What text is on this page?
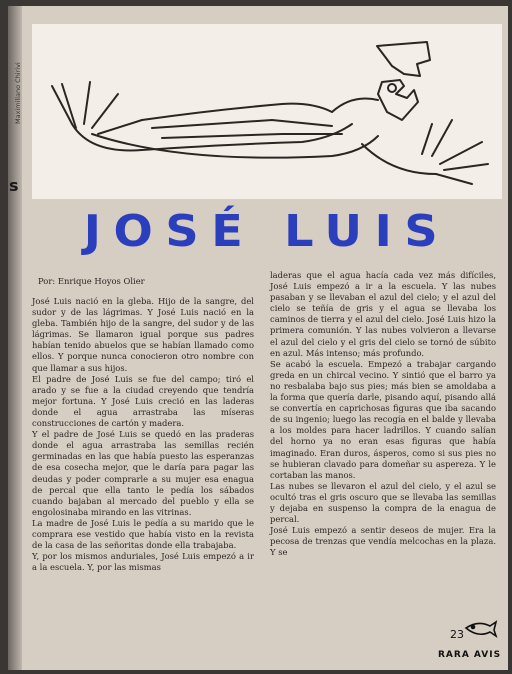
s
Maximiliano Chirivi
JOSÉ LUIS
Por: Enrique Hoyos Olier

José Luis nació en la gleba. Hijo de la sangre, del sudor y de las lágrimas. Y José Luis nació en la gleba. También hijo de la sangre, del sudor y de las lágrimas. Se llamaron igual porque sus padres habían tenido abuelos que se habían llamado como ellos. Y porque nunca conocieron otro nombre con que llamar a sus hijos.

El padre de José Luis se fue del campo; tiró el arado y se fue a la ciudad creyendo que tendría mejor fortuna. Y José Luis creció en las laderas donde el agua arrastraba las míseras construcciones de cartón y madera.

Y el padre de José Luis se quedó en las praderas donde el agua arrastraba las semillas recién germinadas en las que había puesto las esperanzas de esa cosecha mejor, que le daría para pagar las deudas y poder comprarle a su mujer esa enagua de percal que ella tanto le pedía los sábados cuando bajaban al mercado del pueblo y ella se engolosinaba mirando en las vitrinas.

La madre de José Luis le pedía a su marido que le comprara ese vestido que había visto en la revista de la casa de las señoritas donde ella trabajaba.

Y, por los mismos anduriales, José Luis empezó a ir a la escuela. Y, por las mismas

laderas que el agua hacía cada vez más difíciles, José Luis empezó a ir a la escuela. Y las nubes pasaban y se llevaban el azul del cielo; y el azul del cielo se teñía de gris y el agua se llevaba los caminos de tierra y el azul del cielo. José Luis hizo la primera comunión. Y las nubes volvieron a llevarse el azul del cielo y el gris del cielo se tornó de súbito en azul. Más intenso; más profundo.

Se acabó la escuela. Empezó a trabajar cargando greda en un chircal vecino. Y sintió que el barro ya no resbalaba bajo sus pies; más bien se amoldaba a la forma que quería darle, pisando aquí, pisando allá se convertía en caprichosas figuras que iba sacando de su ingenio; luego las recogía en el balde y llevaba a los moldes para hacer ladrillos. Y cuando salían del horno ya no eran esas figuras que había imaginado. Eran duros, ásperos, como si sus pies no se hubieran clavado para domeñar su aspereza. Y le cortaban las manos.

Las nubes se llevaron el azul del cielo, y el azul se ocultó tras el gris oscuro que se llevaba las semillas y dejaba en suspenso la compra de la enagua de percal.

José Luis empezó a sentir deseos de mujer. Era la pecosa de trenzas que vendía melcochas en la plaza. Y se

23
RARA AVIS
